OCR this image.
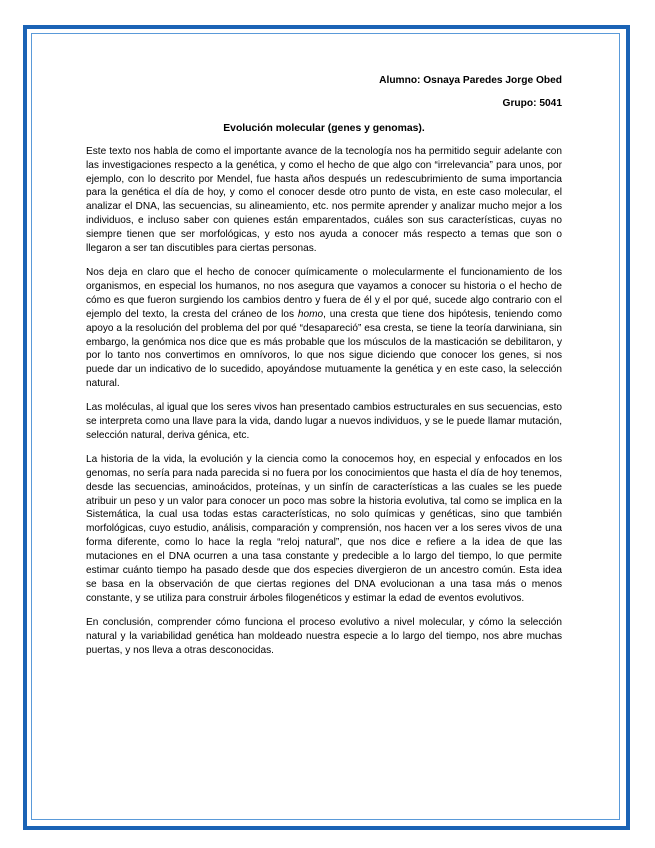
Alumno: Osnaya Paredes Jorge Obed

Grupo: 5041

Evolución molecular (genes y genomas).

Este texto nos habla de como el importante avance de la tecnología nos ha permitido seguir adelante con las investigaciones respecto a la genética, y como el hecho de que algo con “irrelevancia” para unos, por ejemplo, con lo descrito por Mendel, fue hasta años después un redescubrimiento de suma importancia para la genética el día de hoy, y como el conocer desde otro punto de vista, en este caso molecular, el analizar el DNA, las secuencias, su alineamiento, etc. nos permite aprender y analizar mucho mejor a los individuos, e incluso saber con quienes están emparentados, cuáles son sus características, cuyas no siempre tienen que ser morfológicas, y esto nos ayuda a conocer más respecto a temas que son o llegaron a ser tan discutibles para ciertas personas.

Nos deja en claro que el hecho de conocer químicamente o molecularmente el funcionamiento de los organismos, en especial los humanos, no nos asegura que vayamos a conocer su historia o el hecho de cómo es que fueron surgiendo los cambios dentro y fuera de él y el por qué, sucede algo contrario con el ejemplo del texto, la cresta del cráneo de los homo, una cresta que tiene dos hipótesis, teniendo como apoyo a la resolución del problema del por qué “desapareció” esa cresta, se tiene la teoría darwiniana, sin embargo, la genómica nos dice que es más probable que los músculos de la masticación se debilitaron, y por lo tanto nos convertimos en omnívoros, lo que nos sigue diciendo que conocer los genes, si nos puede dar un indicativo de lo sucedido, apoyándose mutuamente la genética y en este caso, la selección natural.

Las moléculas, al igual que los seres vivos han presentado cambios estructurales en sus secuencias, esto se interpreta como una llave para la vida, dando lugar a nuevos individuos, y se le puede llamar mutación, selección natural, deriva génica, etc.

La historia de la vida, la evolución y la ciencia como la conocemos hoy, en especial y enfocados en los genomas, no sería para nada parecida si no fuera por los conocimientos que hasta el día de hoy tenemos, desde las secuencias, aminoácidos, proteínas, y un sinfín de características a las cuales se les puede atribuir un peso y un valor para conocer un poco mas sobre la historia evolutiva, tal como se implica en la Sistemática, la cual usa todas estas características, no solo químicas y genéticas, sino que también morfológicas, cuyo estudio, análisis, comparación y comprensión, nos hacen ver a los seres vivos de una forma diferente, como lo hace la regla “reloj natural”, que nos dice e refiere a la idea de que las mutaciones en el DNA ocurren a una tasa constante y predecible a lo largo del tiempo, lo que permite estimar cuánto tiempo ha pasado desde que dos especies divergieron de un ancestro común. Esta idea se basa en la observación de que ciertas regiones del DNA evolucionan a una tasa más o menos constante, y se utiliza para construir árboles filogenéticos y estimar la edad de eventos evolutivos.

En conclusión, comprender cómo funciona el proceso evolutivo a nivel molecular, y cómo la selección natural y la variabilidad genética han moldeado nuestra especie a lo largo del tiempo, nos abre muchas puertas, y nos lleva a otras desconocidas.
